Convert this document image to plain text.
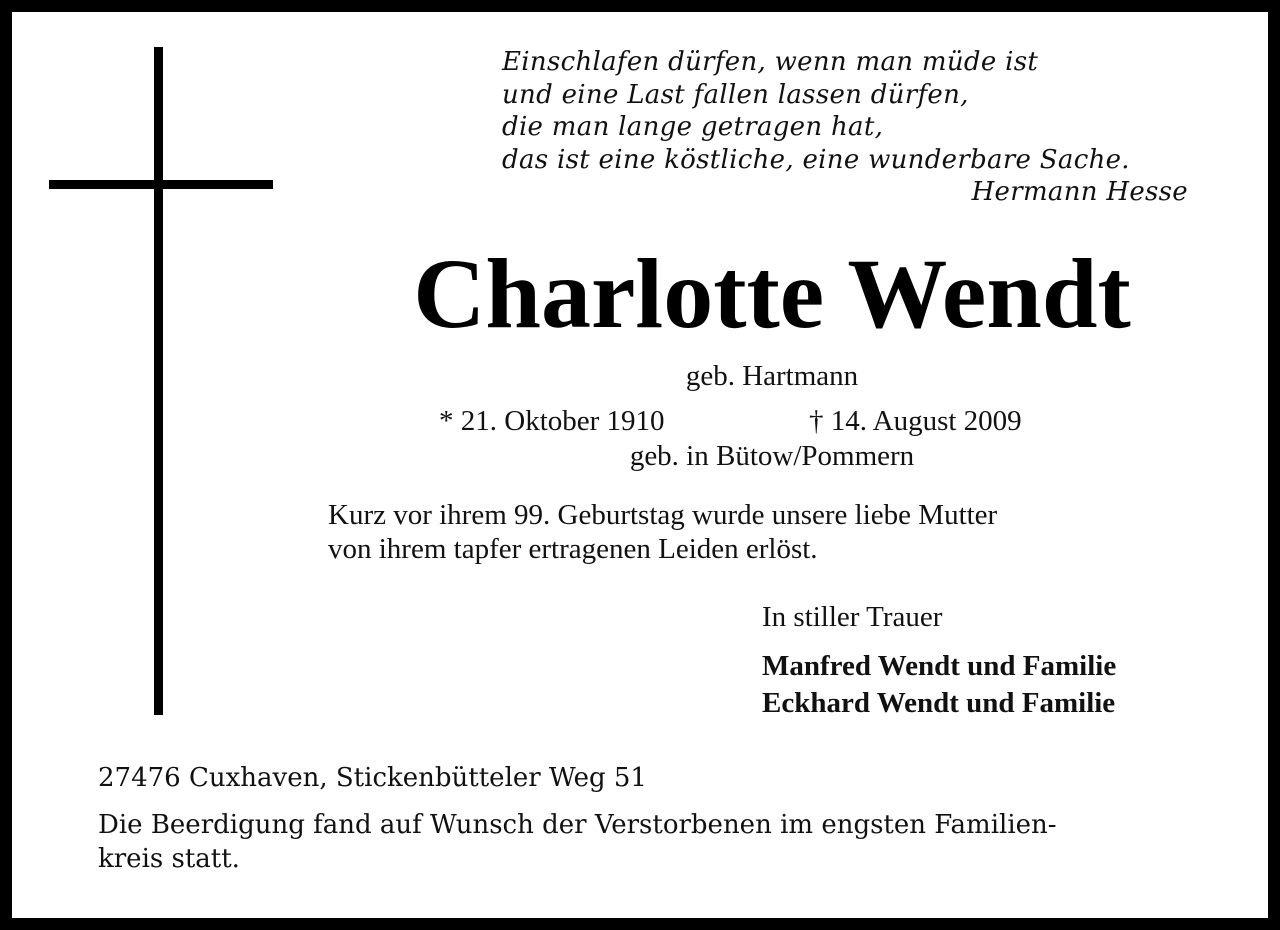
Einschlafen dürfen, wenn man müde ist
und eine Last fallen lassen dürfen,
die man lange getragen hat,
das ist eine köstliche, eine wunderbare Sache.
Hermann Hesse
Charlotte Wendt
geb. Hartmann
* 21. Oktober 1910	† 14. August 2009
geb. in Bütow/Pommern
Kurz vor ihrem 99. Geburtstag wurde unsere liebe Mutter
von ihrem tapfer ertragenen Leiden erlöst.
In stiller Trauer
Manfred Wendt und Familie
Eckhard Wendt und Familie
27476 Cuxhaven, Stickenbütteler Weg 51
Die Beerdigung fand auf Wunsch der Verstorbenen im engsten Familien-
kreis statt.
